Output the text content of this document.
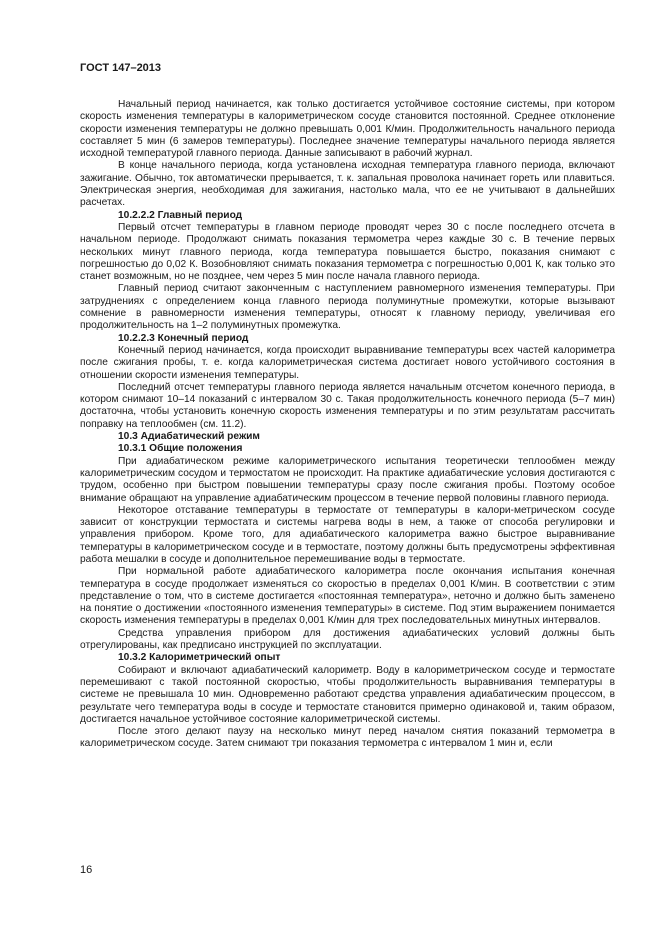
ГОСТ 147–2013

Начальный период начинается, как только достигается устойчивое состояние системы, при котором скорость изменения температуры в калориметрическом сосуде становится постоянной. Среднее отклонение скорости изменения температуры не должно превышать 0,001 К/мин. Продолжительность начального периода составляет 5 мин (6 замеров температуры). Последнее значение температуры начального периода является исходной температурой главного периода. Данные записывают в рабочий журнал.

В конце начального периода, когда установлена исходная температура главного периода, включают зажигание. Обычно, ток автоматически прерывается, т. к. запальная проволока начинает гореть или плавиться. Электрическая энергия, необходимая для зажигания, настолько мала, что ее не учитывают в дальнейших расчетах.

10.2.2.2 Главный период

Первый отсчет температуры в главном периоде проводят через 30 с после последнего отсчета в начальном периоде. Продолжают снимать показания термометра через каждые 30 с. В течение первых нескольких минут главного периода, когда температура повышается быстро, показания снимают с погрешностью до 0,02 К. Возобновляют снимать показания термометра с погрешностью 0,001 К, как только это станет возможным, но не позднее, чем через 5 мин после начала главного периода.

Главный период считают законченным с наступлением равномерного изменения температуры. При затруднениях с определением конца главного периода полуминутные промежутки, которые вызывают сомнение в равномерности изменения температуры, относят к главному периоду, увеличивая его продолжительность на 1–2 полуминутных промежутка.

10.2.2.3 Конечный период

Конечный период начинается, когда происходит выравнивание температуры всех частей калориметра после сжигания пробы, т. е. когда калориметрическая система достигает нового устойчивого состояния в отношении скорости изменения температуры.

Последний отсчет температуры главного периода является начальным отсчетом конечного периода, в котором снимают 10–14 показаний с интервалом 30 с. Такая продолжительность конечного периода (5–7 мин) достаточна, чтобы установить конечную скорость изменения температуры и по этим результатам рассчитать поправку на теплообмен (см. 11.2).

10.3 Адиабатический режим

10.3.1 Общие положения

При адиабатическом режиме калориметрического испытания теоретически теплообмен между калориметрическим сосудом и термостатом не происходит. На практике адиабатические условия достигаются с трудом, особенно при быстром повышении температуры сразу после сжигания пробы. Поэтому особое внимание обращают на управление адиабатическим процессом в течение первой половины главного периода.

Некоторое отставание температуры в термостате от температуры в калори-метрическом сосуде зависит от конструкции термостата и системы нагрева воды в нем, а также от способа регулировки и управления прибором. Кроме того, для адиабатического калориметра важно быстрое выравнивание температуры в калориметрическом сосуде и в термостате, поэтому должны быть предусмотрены эффективная работа мешалки в сосуде и дополнительное перемешивание воды в термостате.

При нормальной работе адиабатического калориметра после окончания испытания конечная температура в сосуде продолжает изменяться со скоростью в пределах 0,001 К/мин. В соответствии с этим представление о том, что в системе достигается «постоянная температура», неточно и должно быть заменено на понятие о достижении «постоянного изменения температуры» в системе. Под этим выражением понимается скорость изменения температуры в пределах 0,001 К/мин для трех последовательных минутных интервалов.

Средства управления прибором для достижения адиабатических условий должны быть отрегулированы, как предписано инструкцией по эксплуатации.

10.3.2 Калориметрический опыт

Собирают и включают адиабатический калориметр. Воду в калориметрическом сосуде и термостате перемешивают с такой постоянной скоростью, чтобы продолжительность выравнивания температуры в системе не превышала 10 мин. Одновременно работают средства управления адиабатическим процессом, в результате чего температура воды в сосуде и термостате становится примерно одинаковой и, таким образом, достигается начальное устойчивое состояние калориметрической системы.

После этого делают паузу на несколько минут перед началом снятия показаний термометра в калориметрическом сосуде. Затем снимают три показания термометра с интервалом 1 мин и, если

16
